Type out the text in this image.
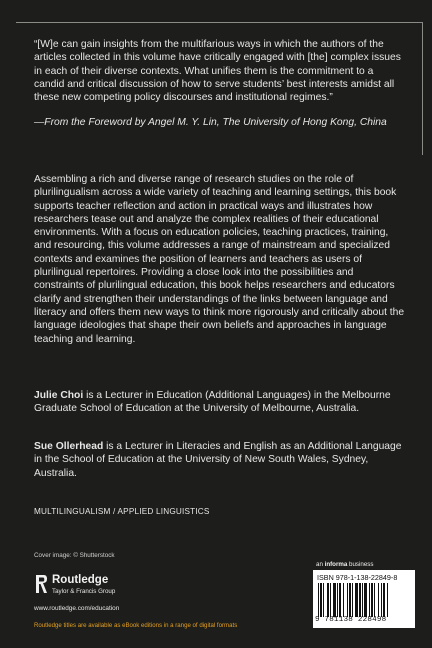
“[W]e can gain insights from the multifarious ways in which the authors of the articles collected in this volume have critically engaged with [the] complex issues in each of their diverse contexts. What unifies them is the commitment to a candid and critical discussion of how to serve students’ best interests amidst all these new competing policy discourses and institutional regimes.”

—From the Foreword by Angel M. Y. Lin, The University of Hong Kong, China

Assembling a rich and diverse range of research studies on the role of plurilingualism across a wide variety of teaching and learning settings, this book supports teacher reflection and action in practical ways and illustrates how researchers tease out and analyze the complex realities of their educational environments. With a focus on education policies, teaching practices, training, and resourcing, this volume addresses a range of mainstream and specialized contexts and examines the position of learners and teachers as users of plurilingual repertoires. Providing a close look into the possibilities and constraints of plurilingual education, this book helps researchers and educators clarify and strengthen their understandings of the links between language and literacy and offers them new ways to think more rigorously and critically about the language ideologies that shape their own beliefs and approaches in language teaching and learning.

Julie Choi is a Lecturer in Education (Additional Languages) in the Melbourne Graduate School of Education at the University of Melbourne, Australia.

Sue Ollerhead is a Lecturer in Literacies and English as an Additional Language in the School of Education at the University of New South Wales, Sydney, Australia.

MULTILINGUALISM / APPLIED LINGUISTICS
Cover image: © Shutterstock
Routledge
Taylor & Francis Group
www.routledge.com/education
Routledge titles are available as eBook editions in a range of digital formats
an informa business
ISBN 978-1-138-22849-8
9 781138 228498
